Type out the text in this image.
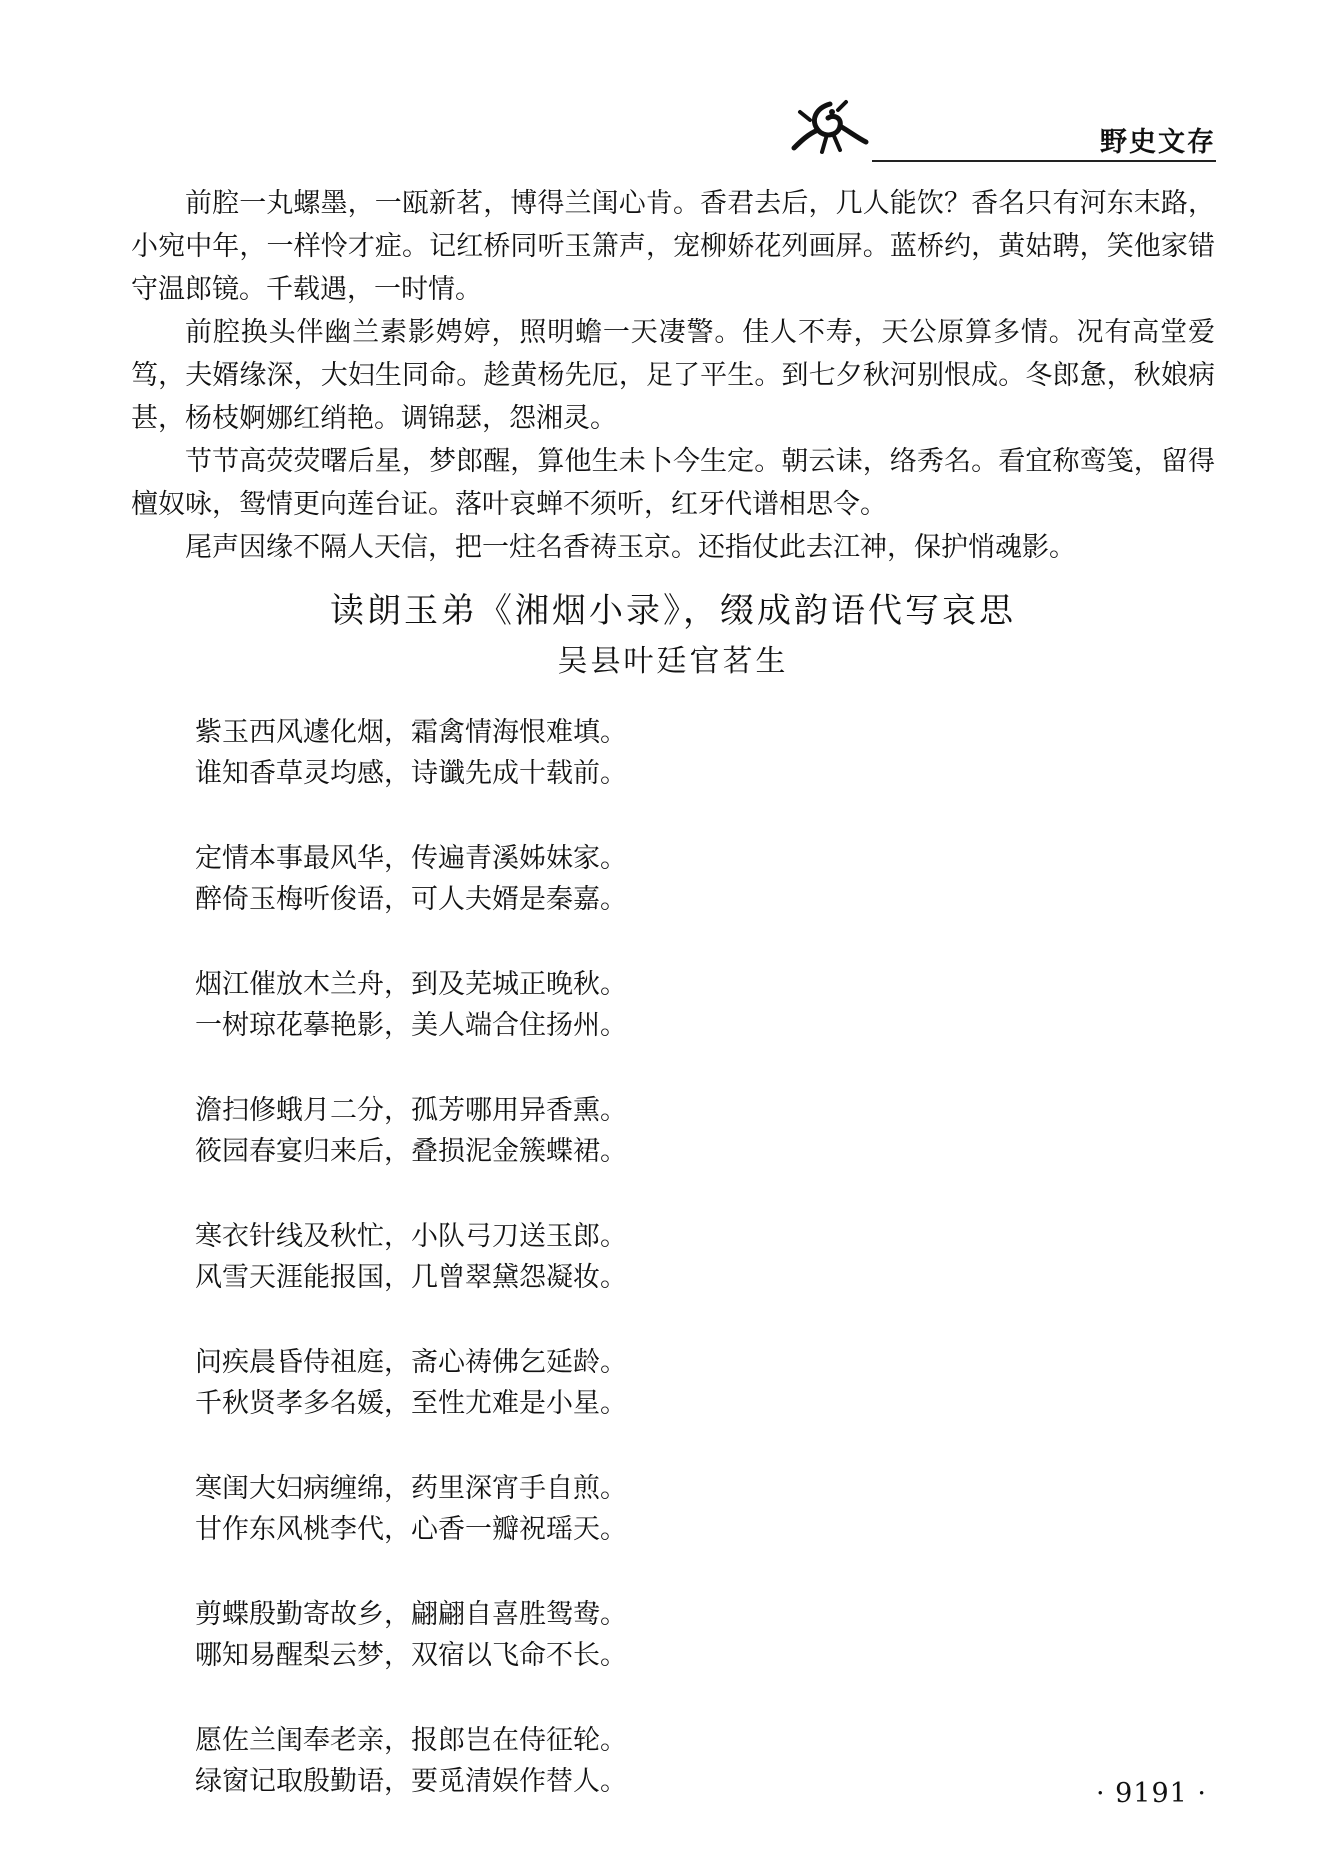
野史文存

前腔一丸螺墨，一瓯新茗，博得兰闺心肯。香君去后，几人能饮？香名只有河东末路，小宛中年，一样怜才症。记红桥同听玉箫声，宠柳娇花列画屏。蓝桥约，黄姑聘，笑他家错守温郎镜。千载遇，一时情。

前腔换头伴幽兰素影娉婷，照明蟾一天凄警。佳人不寿，天公原算多情。况有高堂爱笃，夫婿缘深，大妇生同命。趁黄杨先厄，足了平生。到七夕秋河别恨成。冬郎惫，秋娘病甚，杨枝婀娜红绡艳。调锦瑟，怨湘灵。

节节高荧荧曙后星，梦郎醒，算他生未卜今生定。朝云诔，络秀名。看宜称鸾笺，留得檀奴咏，鸳情更向莲台证。落叶哀蝉不须听，红牙代谱相思令。

尾声因缘不隔人天信，把一炷名香祷玉京。还指仗此去江神，保护悄魂影。

读朗玉弟《湘烟小录》，缀成韵语代写哀思
吴县叶廷官茗生
紫玉西风遽化烟，霜禽情海恨难填。
谁知香草灵均感，诗谶先成十载前。
定情本事最风华，传遍青溪姊妹家。
醉倚玉梅听俊语，可人夫婿是秦嘉。
烟江催放木兰舟，到及芜城正晚秋。
一树琼花摹艳影，美人端合住扬州。
澹扫修蛾月二分，孤芳哪用异香熏。
筱园春宴归来后，叠损泥金簇蝶裙。
寒衣针线及秋忙，小队弓刀送玉郎。
风雪天涯能报国，几曾翠黛怨凝妆。
问疾晨昏侍祖庭，斋心祷佛乞延龄。
千秋贤孝多名媛，至性尤难是小星。
寒闺大妇病缠绵，药里深宵手自煎。
甘作东风桃李代，心香一瓣祝瑶天。
剪蝶殷勤寄故乡，翩翩自喜胜鸳鸯。
哪知易醒梨云梦，双宿以飞命不长。
愿佐兰闺奉老亲，报郎岂在侍征轮。
绿窗记取殷勤语，要觅清娱作替人。	· 9191 ·
